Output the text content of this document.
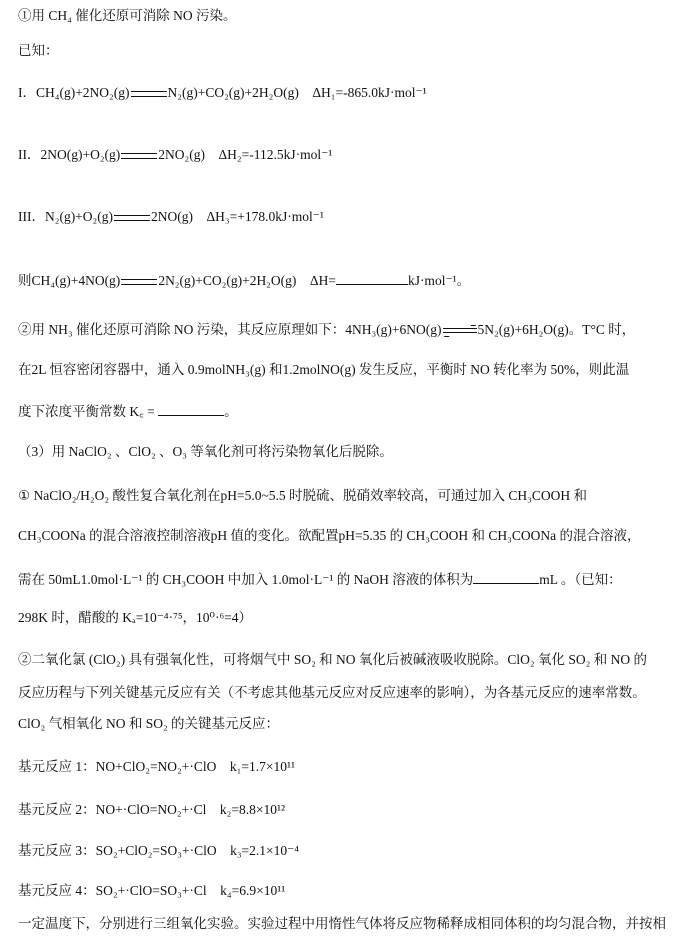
①用 CH₄ 催化还原可消除 NO 污染。
已知：
I．CH₄(g)+2NO₂(g)	N₂(g)+CO₂(g)+2H₂O(g)　ΔH₁=-865.0kJ·mol⁻¹
II．2NO(g)+O₂(g)	2NO₂(g)　ΔH₂=-112.5kJ·mol⁻¹
III．N₂(g)+O₂(g)	2NO(g)　ΔH₃=+178.0kJ·mol⁻¹
则CH₄(g)+4NO(g)	2N₂(g)+CO₂(g)+2H₂O(g)　ΔH=	kJ·mol⁻¹。
②用 NH₃ 催化还原可消除 NO 污染，其反应原理如下：4NH₃(g)+6NO(g)→5N₂(g)+6H₂O(g)。T°C 时，
在2L 恒容密闭容器中，通入 0.9molNH₃(g) 和1.2molNO(g) 发生反应，平衡时 NO 转化率为 50%，则此温
度下浓度平衡常数 K꜀ =	。
（3）用 NaClO₂ 、ClO₂ 、O₃ 等氧化剂可将污染物氧化后脱除。
① NaClO₂/H₂O₂ 酸性复合氧化剂在pH=5.0~5.5 时脱硫、脱硝效率较高，可通过加入 CH₃COOH 和
CH₃COONa 的混合溶液控制溶液pH 值的变化。欲配置pH=5.35 的 CH₃COOH 和 CH₃COONa 的混合溶液，
需在 50mL1.0mol·L⁻¹ 的 CH₃COOH 中加入 1.0mol·L⁻¹ 的 NaOH 溶液的体积为	mL 。（已知：
298K 时，醋酸的 Kₐ=10⁻⁴·⁷⁵，10⁰·⁶=4）
②二氧化氯 (ClO₂) 具有强氧化性，可将烟气中 SO₂ 和 NO 氧化后被碱液吸收脱除。ClO₂ 氧化 SO₂ 和 NO 的
反应历程与下列关键基元反应有关（不考虑其他基元反应对反应速率的影响），为各基元反应的速率常数。
ClO₂ 气相氧化 NO 和 SO₂ 的关键基元反应：
基元反应 1：NO+ClO₂=NO₂+·ClO　k₁=1.7×10¹¹
基元反应 2：NO+·ClO=NO₂+·Cl　k₂=8.8×10¹²
基元反应 3：SO₂+ClO₂=SO₃+·ClO　k₃=2.1×10⁻⁴
基元反应 4：SO₂+·ClO=SO₃+·Cl　k₄=6.9×10¹¹
一定温度下，分别进行三组氧化实验。实验过程中用惰性气体将反应物稀释成相同体积的均匀混合物，并按相
